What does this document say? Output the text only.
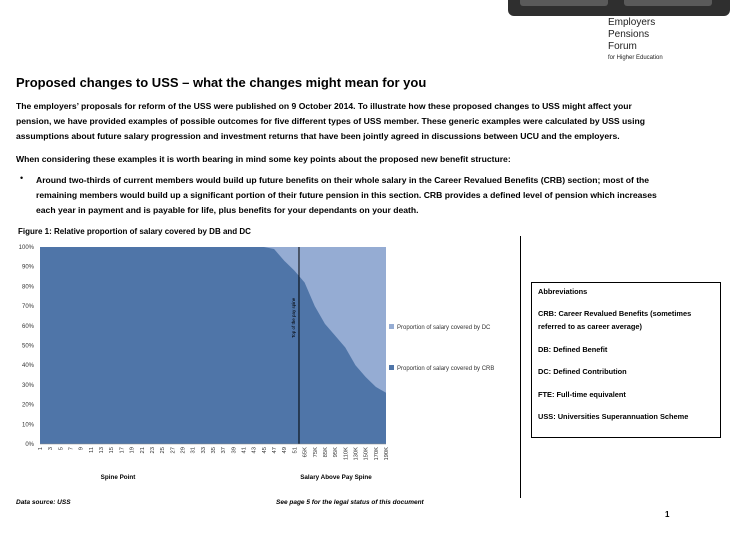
Employers
Pensions
Forum
for Higher Education
Proposed changes to USS – what the changes might mean for you
The employers’ proposals for reform of the USS were published on 9 October 2014. To illustrate how these proposed changes to USS might affect your
pension, we have provided examples of possible outcomes for five different types of USS member. These generic examples were calculated by USS using
assumptions about future salary progression and investment returns that have been jointly agreed in discussions between UCU and the employers.
When considering these examples it is worth bearing in mind some key points about the proposed new benefit structure:
• Around two-thirds of current members would build up future benefits on their whole salary in the Career Revalued Benefits (CRB) section; most of the
remaining members would build up a significant portion of their future pension in this section. CRB provides a defined level of pension which increases
each year in payment and is payable for life, plus benefits for your dependants on your death.
Figure 1: Relative proportion of salary covered by DB and DC
0%
10%
20%
30%
40%
50%
60%
70%
80%
90%
100%
1 3 5 7 9 11 13 15 17 19 21 23 25 27 29 31 33 35 37 39 41 43 45 47 49 51 65K 75K 85K 95K 110K 130K 150K 170K 190K
Top of the pay spine	Proportion of salary covered by DC
Proportion of salary covered by CRB
Spine Point	Salary Above Pay Spine
Abbreviations
CRB: Career Revalued Benefits (sometimes
referred to as career average)
DB: Defined Benefit
DC: Defined Contribution
FTE: Full-time equivalent
USS: Universities Superannuation Scheme
Data source: USS	See page 5 for the legal status of this document
1
